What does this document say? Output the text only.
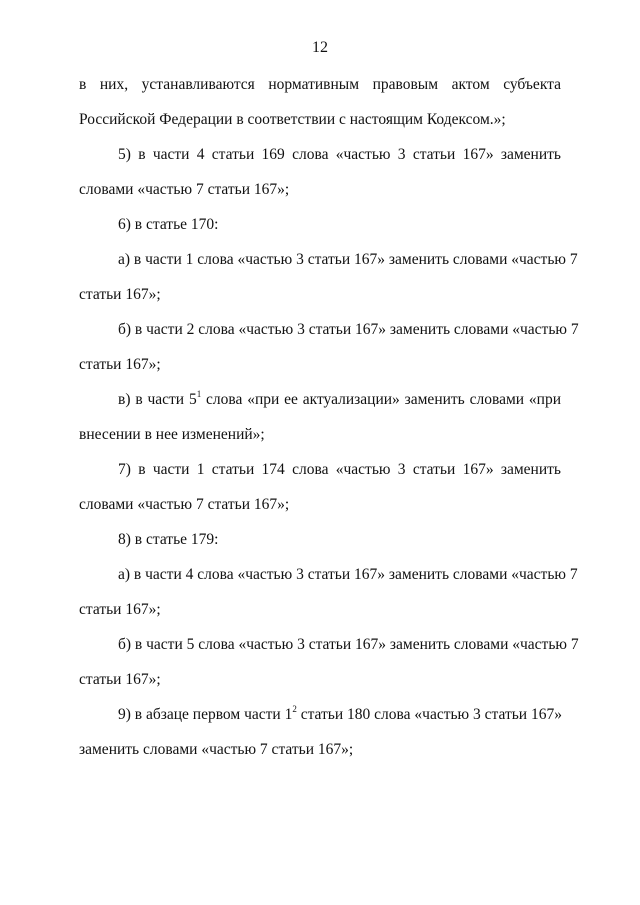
12
в них, устанавливаются нормативным правовым актом субъекта
Российской Федерации в соответствии с настоящим Кодексом.»;
5) в части 4 статьи 169 слова «частью 3 статьи 167» заменить
словами «частью 7 статьи 167»;
6) в статье 170:
а) в части 1 слова «частью 3 статьи 167» заменить словами «частью 7
статьи 167»;
б) в части 2 слова «частью 3 статьи 167» заменить словами «частью 7
статьи 167»;
в) в части $5^1$ слова «при ее актуализации» заменить словами «при
внесении в нее изменений»;
7) в части 1 статьи 174 слова «частью 3 статьи 167» заменить
словами «частью 7 статьи 167»;
8) в статье 179:
а) в части 4 слова «частью 3 статьи 167» заменить словами «частью 7
статьи 167»;
б) в части 5 слова «частью 3 статьи 167» заменить словами «частью 7
статьи 167»;
9) в абзаце первом части $1^2$ статьи 180 слова «частью 3 статьи 167»
заменить словами «частью 7 статьи 167»;
